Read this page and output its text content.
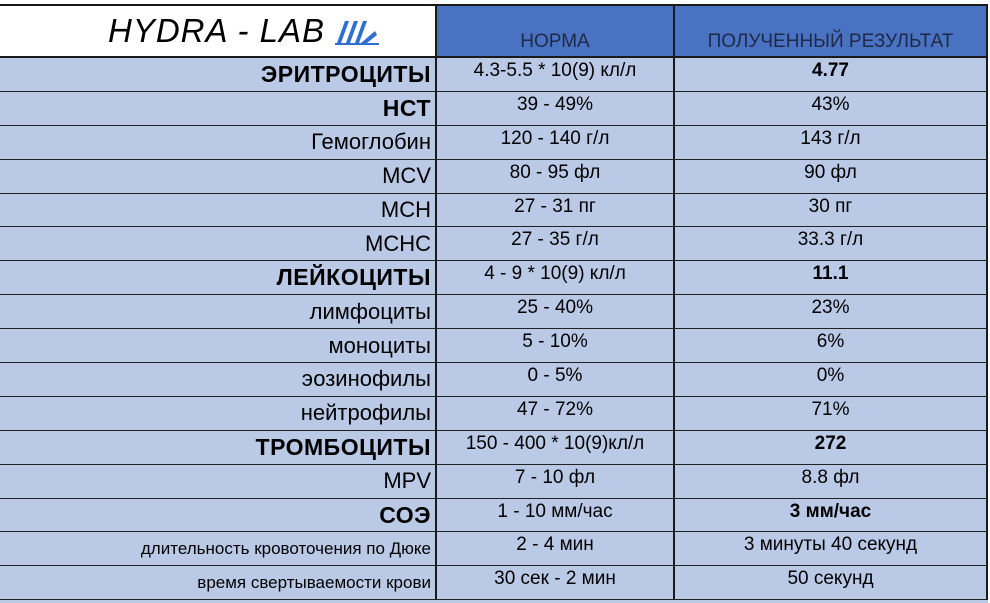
HYDRA - LAB	НОРМА	ПОЛУЧЕННЫЙ РЕЗУЛЬТАТ
ЭРИТРОЦИТЫ	4.3-5.5 * 10(9) кл/л	4.77
НСТ	39 - 49%	43%
Гемоглобин	120 - 140 г/л	143 г/л
MCV	80 - 95 фл	90 фл
MCH	27 - 31 пг	30 пг
MCHC	27 - 35 г/л	33.3 г/л
ЛЕЙКОЦИТЫ	4 - 9 * 10(9) кл/л	11.1
лимфоциты	25 - 40%	23%
моноциты	5 - 10%	6%
эозинофилы	0 - 5%	0%
нейтрофилы	47 - 72%	71%
ТРОМБОЦИТЫ	150 - 400 * 10(9)кл/л	272
MPV	7 - 10 фл	8.8 фл
СОЭ	1 - 10 мм/час	3 мм/час
длительность кровоточения по Дюке	2 - 4 мин	3 минуты 40 секунд
время свертываемости крови	30 сек - 2 мин	50 секунд
